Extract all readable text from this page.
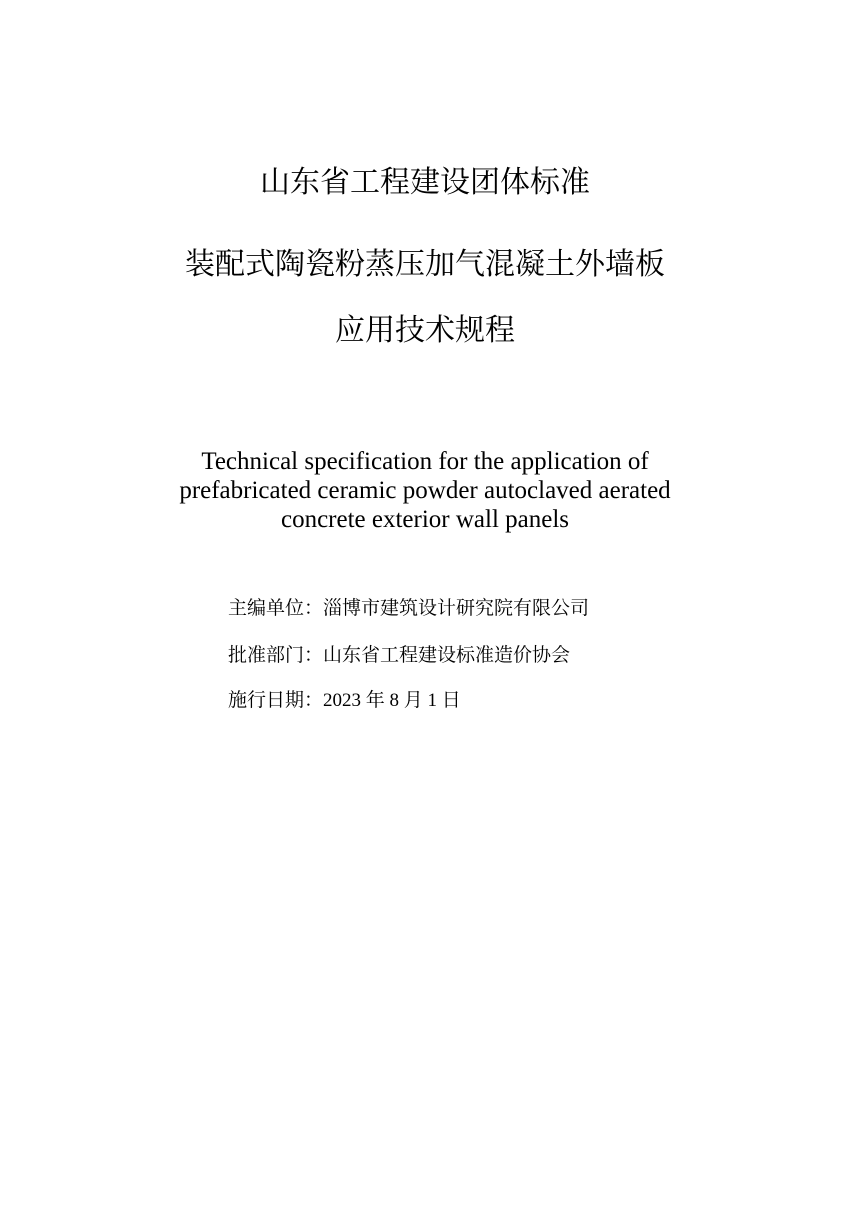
山东省工程建设团体标准
装配式陶瓷粉蒸压加气混凝土外墙板
应用技术规程
Technical specification for the application of
prefabricated ceramic powder autoclaved aerated
concrete exterior wall panels
主编单位：淄博市建筑设计研究院有限公司
批准部门：山东省工程建设标准造价协会
施行日期：2023 年 8 月 1 日
